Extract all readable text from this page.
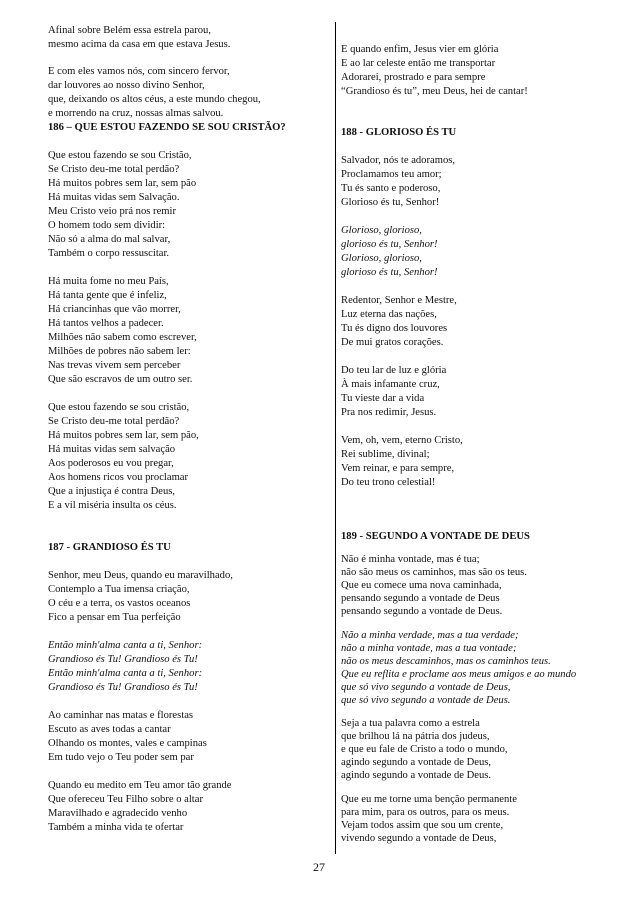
Afinal sobre Belém essa estrela parou,
mesmo acima da casa em que estava Jesus.
E com eles vamos nós, com sincero fervor,
dar louvores ao nosso divino Senhor,
que, deixando os altos céus, a este mundo chegou,
e morrendo na cruz, nossas almas salvou.
186 – QUE ESTOU FAZENDO SE SOU CRISTÃO?
Que estou fazendo se sou Cristão,
Se Cristo deu-me total perdão?
Há muitos pobres sem lar, sem pão
Há muitas vidas sem Salvação.
Meu Cristo veio prá nos remir
O homem todo sem dividir:
Não só a alma do mal salvar,
Também o corpo ressuscitar.
Há muita fome no meu País,
Há tanta gente que é infeliz,
Há criancinhas que vão morrer,
Há tantos velhos a padecer.
Milhões não sabem como escrever,
Milhões de pobres não sabem ler:
Nas trevas vivem sem perceber
Que são escravos de um outro ser.
Que estou fazendo se sou cristão,
Se Cristo deu-me total perdão?
Há muitos pobres sem lar, sem pão,
Há muitas vidas sem salvação
Aos poderosos eu vou pregar,
Aos homens ricos vou proclamar
Que a injustiça é contra Deus,
E a vil miséria insulta os céus.
187 - GRANDIOSO ÉS TU
Senhor, meu Deus, quando eu maravilhado,
Contemplo a Tua imensa criação,
O céu e a terra, os vastos oceanos
Fico a pensar em Tua perfeição
Então minh'alma canta a ti, Senhor:
Grandioso és Tu! Grandioso és Tu!
Então minh'alma canta a ti, Senhor:
Grandioso és Tu! Grandioso és Tu!
Ao caminhar nas matas e florestas
Escuto as aves todas a cantar
Olhando os montes, vales e campinas
Em tudo vejo o Teu poder sem par
Quando eu medito em Teu amor tão grande
Que ofereceu Teu Filho sobre o altar
Maravilhado e agradecido venho
Também a minha vida te ofertar
E quando enfim, Jesus vier em glória
E ao lar celeste então me transportar
Adorarei, prostrado e para sempre
“Grandioso és tu”, meu Deus, hei de cantar!
188 - GLORIOSO ÉS TU
Salvador, nós te adoramos,
Proclamamos teu amor;
Tu és santo e poderoso,
Glorioso és tu, Senhor!
Glorioso, glorioso,
glorioso és tu, Senhor!
Glorioso, glorioso,
glorioso és tu, Senhor!
Redentor, Senhor e Mestre,
Luz eterna das nações,
Tu és digno dos louvores
De mui gratos corações.
Do teu lar de luz e glória
À mais infamante cruz,
Tu vieste dar a vida
Pra nos redimir, Jesus.
Vem, oh, vem, eterno Cristo,
Rei sublime, divinal;
Vem reinar, e para sempre,
Do teu trono celestial!
189 - SEGUNDO A VONTADE DE DEUS
Não é minha vontade, mas é tua;
não são meus os caminhos, mas são os teus.
Que eu comece uma nova caminhada,
pensando segundo a vontade de Deus
pensando segundo a vontade de Deus.
Não a minha verdade, mas a tua verdade;
não a minha vontade, mas a tua vontade;
não os meus descaminhos, mas os caminhos teus.
Que eu reflita e proclame aos meus amigos e ao mundo
que só vivo segundo a vontade de Deus,
que só vivo segundo a vontade de Deus.
Seja a tua palavra como a estrela
que brilhou lá na pátria dos judeus,
e que eu fale de Cristo a todo o mundo,
agindo segundo a vontade de Deus,
agindo segundo a vontade de Deus.
Que eu me torne uma benção permanente
para mim, para os outros, para os meus.
Vejam todos assim que sou um crente,
vivendo segundo a vontade de Deus,
27
